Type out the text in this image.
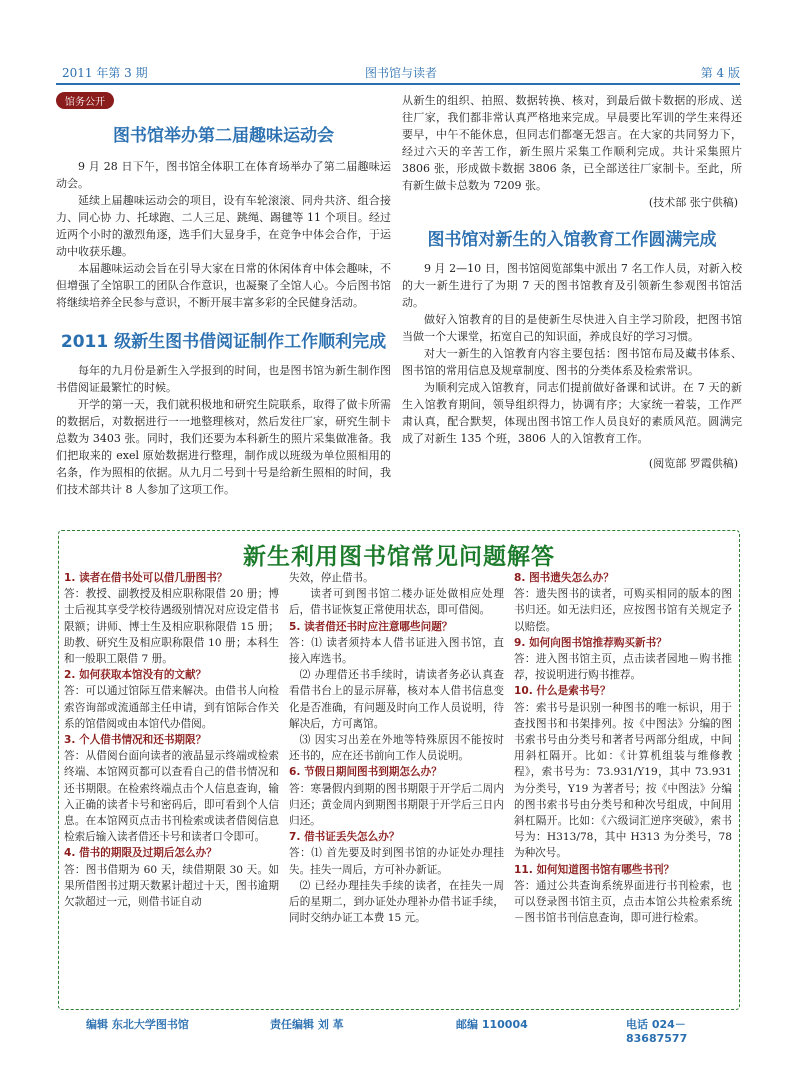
2011 年第 3 期	图书馆与读者	第 4 版
馆务公开
图书馆举办第二届趣味运动会

9 月 28 日下午，图书馆全体职工在体育场举办了第二届趣味运动会。

延续上届趣味运动会的项目，设有车轮滚滚、同舟共济、组合接力、同心协 力、托球跑、二人三足、跳绳、踢毽等 11 个项目。经过近两个小时的激烈角逐，选手们大显身手，在竞争中体会合作，于运动中收获乐趣。

本届趣味运动会旨在引导大家在日常的休闲体育中体会趣味，不但增强了全馆职工的团队合作意识，也凝聚了全馆人心。今后图书馆将继续培养全民参与意识，不断开展丰富多彩的全民健身活动。

2011 级新生图书借阅证制作工作顺利完成

每年的九月份是新生入学报到的时间，也是图书馆为新生制作图书借阅证最繁忙的时候。

开学的第一天，我们就积极地和研究生院联系，取得了做卡所需的数据后，对数据进行一一地整理核对，然后发往厂家，研究生制卡总数为 3403 张。同时，我们还要为本科新生的照片采集做准备。我们把取来的 exel 原始数据进行整理，制作成以班级为单位照相用的名条，作为照相的依据。从九月二号到十号是给新生照相的时间，我们技术部共计 8 人参加了这项工作。

从新生的组织、拍照、数据转换、核对，到最后做卡数据的形成、送往厂家，我们都非常认真严格地来完成。早晨要比军训的学生来得还要早，中午不能休息，但同志们都毫无怨言。在大家的共同努力下，经过六天的辛苦工作，新生照片采集工作顺利完成。共计采集照片 3806 张，形成做卡数据 3806 条，已全部送往厂家制卡。至此，所有新生做卡总数为 7209 张。

(技术部 张宁供稿)

图书馆对新生的入馆教育工作圆满完成

9 月 2—10 日，图书馆阅览部集中派出 7 名工作人员，对新入校的大一新生进行了为期 7 天的图书馆教育及引领新生参观图书馆活动。

做好入馆教育的目的是使新生尽快进入自主学习阶段，把图书馆当做一个大课堂，拓宽自己的知识面，养成良好的学习习惯。

对大一新生的入馆教育内容主要包括：图书馆布局及藏书体系、图书馆的常用信息及规章制度、图书的分类体系及检索常识。

为顺利完成入馆教育，同志们提前做好备课和试讲。在 7 天的新生入馆教育期间，领导组织得力，协调有序；大家统一着装，工作严肃认真，配合默契，体现出图书馆工作人员良好的素质风范。圆满完成了对新生 135 个班，3806 人的入馆教育工作。

(阅览部 罗霞供稿)

新生利用图书馆常见问题解答
1. 读者在借书处可以借几册图书？
答：教授、副教授及相应职称限借 20 册；博士后视其享受学校待遇级别情况对应设定借书限额；讲师、博士生及相应职称限借 15 册；助教、研究生及相应职称限借 10 册；本科生和一般职工限借 7 册。
2. 如何获取本馆没有的文献？
答：可以通过馆际互借来解决。由借书人向检索咨询部或流通部主任申请，到有馆际合作关系的馆借阅或由本馆代办借阅。
3. 个人借书情况和还书期限？
答：从借阅台面向读者的液晶显示终端或检索终端、本馆网页都可以查看自己的借书情况和还书期限。在检索终端点击个人信息查询，输入正确的读者卡号和密码后，即可看到个人信息。在本馆网页点击书刊检索或读者借阅信息检索后输入读者借还卡号和读者口令即可。
4. 借书的期限及过期后怎么办？
答：图书借期为 60 天，续借期限 30 天。如果所借图书过期天数累计超过十天，图书逾期欠款超过一元，则借书证自动
失效，停止借书。
读者可到图书馆二楼办证处做相应处理后，借书证恢复正常使用状态，即可借阅。
5. 读者借还书时应注意哪些问题？
答：⑴ 读者须持本人借书证进入图书馆，直接入库选书。
⑵ 办理借还书手续时，请读者务必认真查看借书台上的显示屏幕，核对本人借书信息变化是否准确，有问题及时向工作人员说明，待解决后，方可离馆。
⑶ 因实习出差在外地等特殊原因不能按时还书的，应在还书前向工作人员说明。
6. 节假日期间图书到期怎么办？
答：寒暑假内到期的图书期限于开学后二周内归还；黄金周内到期图书期限于开学后三日内归还。
7. 借书证丢失怎么办？
答：⑴ 首先要及时到图书馆的办证处办理挂失。挂失一周后，方可补办新证。
⑵ 已经办理挂失手续的读者，在挂失一周后的星期二，到办证处办理补办借书证手续，同时交纳办证工本费 15 元。
8. 图书遗失怎么办？
答：遗失图书的读者，可购买相同的版本的图书归还。如无法归还，应按图书馆有关规定予以赔偿。
9. 如何向图书馆推荐购买新书？
答：进入图书馆主页，点击读者园地－购书推荐，按说明进行购书推荐。
10. 什么是索书号？
答：索书号是识别一种图书的唯一标识，用于查找图书和书架排列。按《中图法》分编的图书索书号由分类号和著者号两部分组成，中间用斜杠隔开。比如：《计算机组装与维修教程》，索书号为：73.931/Y19，其中 73.931 为分类号，Y19 为著者号；按《中图法》分编的图书索书号由分类号和种次号组成，中间用斜杠隔开。比如：《六级词汇逆序突破》，索书号为：H313/78，其中 H313 为分类号，78 为种次号。
11. 如何知道图书馆有哪些书刊？
答：通过公共查询系统界面进行书刊检索，也可以登录图书馆主页，点击本馆公共检索系统－图书馆书刊信息查询，即可进行检索。
编辑 东北大学图书馆	责任编辑 刘 革	邮编 110004	电话 024－83687577
